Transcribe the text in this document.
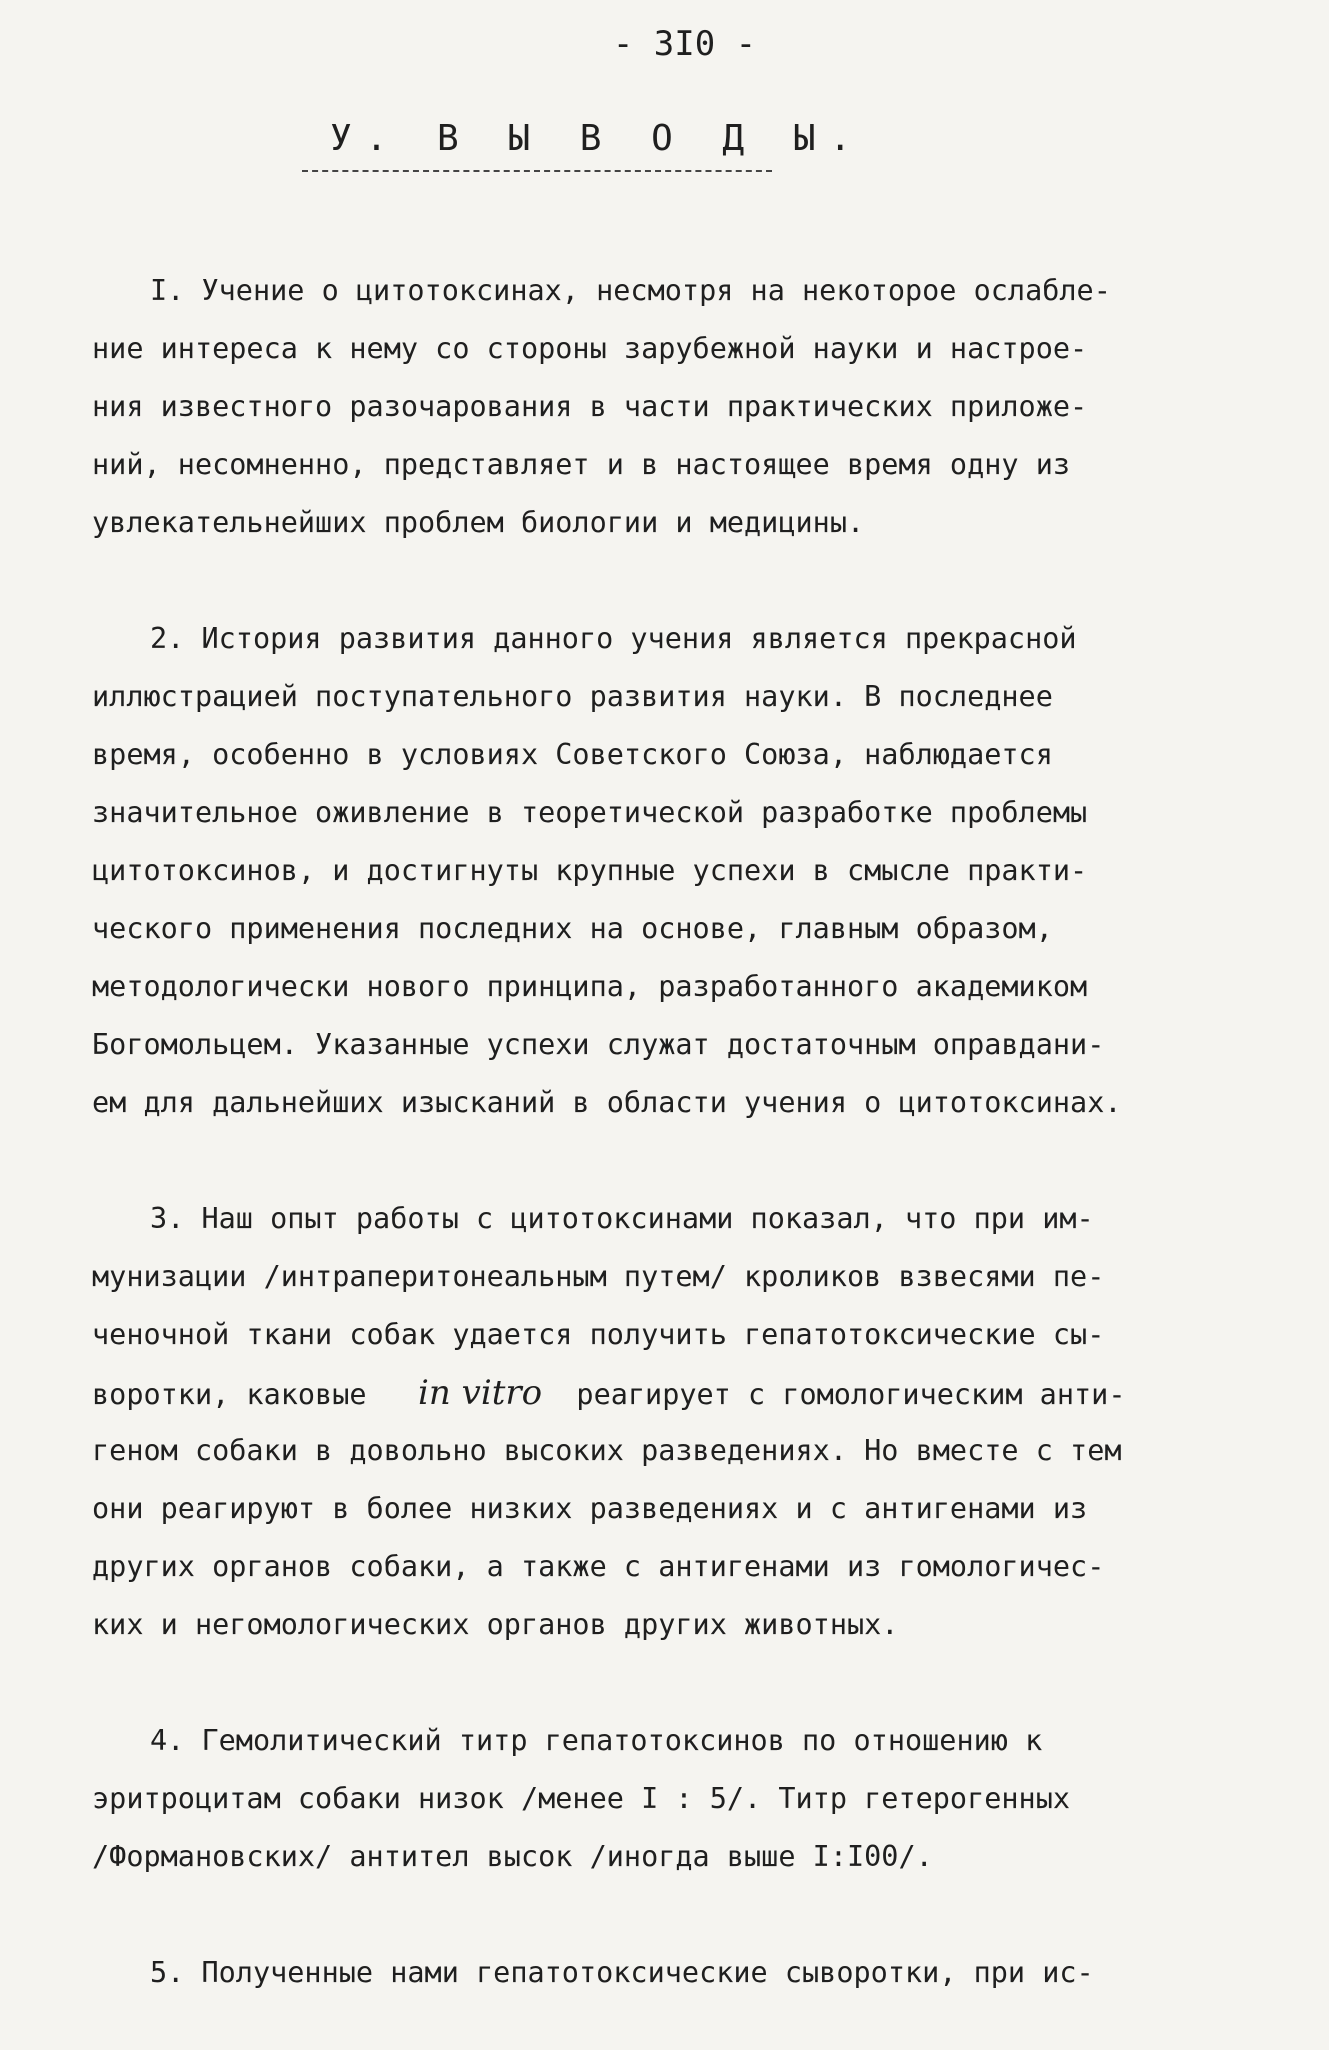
- 3I0 -
У. В Ы В О Д Ы.
I. Учение о цитотоксинах, несмотря на некоторое ослабле-
ние интереса к нему со стороны зарубежной науки и настрое-
ния известного разочарования в части практических приложе-
ний, несомненно, представляет и в настоящее время одну из
увлекательнейших проблем биологии и медицины.
2. История развития данного учения является прекрасной
иллюстрацией поступательного развития науки. В последнее
время, особенно в условиях Советского Союза, наблюдается
значительное оживление в теоретической разработке проблемы
цитотоксинов, и достигнуты крупные успехи в смысле практи-
ческого применения последних на основе, главным образом,
методологически нового принципа, разработанного академиком
Богомольцем. Указанные успехи служат достаточным оправдани-
ем для дальнейших изысканий в области учения о цитотоксинах.
3. Наш опыт работы с цитотоксинами показал, что при им-
мунизации /интраперитонеальным путем/ кроликов взвесями пе-
ченочной ткани собак удается получить гепатотоксические сы-
воротки, каковые in vitro реагирует с гомологическим анти-
геном собаки в довольно высоких разведениях. Но вместе с тем
они реагируют в более низких разведениях и с антигенами из
других органов собаки, а также с антигенами из гомологичес-
ких и негомологических органов других животных.
4. Гемолитический титр гепатотоксинов по отношению к
эритроцитам собаки низок /менее I : 5/. Титр гетерогенных
/Формановских/ антител высок /иногда выше I:I00/.
5. Полученные нами гепатотоксические сыворотки, при ис-
